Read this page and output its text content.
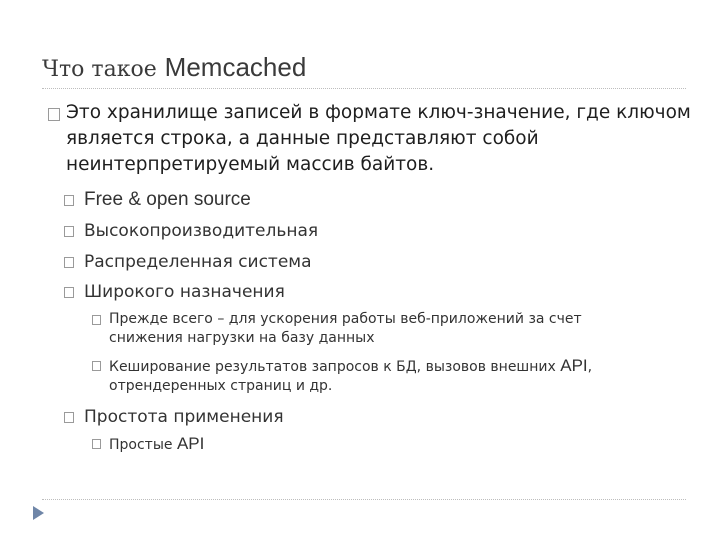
Что такое Memcached

Это хранилище записей в формате ключ-значение, где ключом является строка, а данные представляют собой неинтерпретируемый массив байтов.

Free & open source

Высокопроизводительная

Распределенная система

Широкого назначения

Прежде всего – для ускорения работы веб-приложений за счет
снижения нагрузки на базу данных

Кеширование результатов запросов к БД, вызовов внешних API,
отрендеренных страниц и др.

Простота применения

Простые API
